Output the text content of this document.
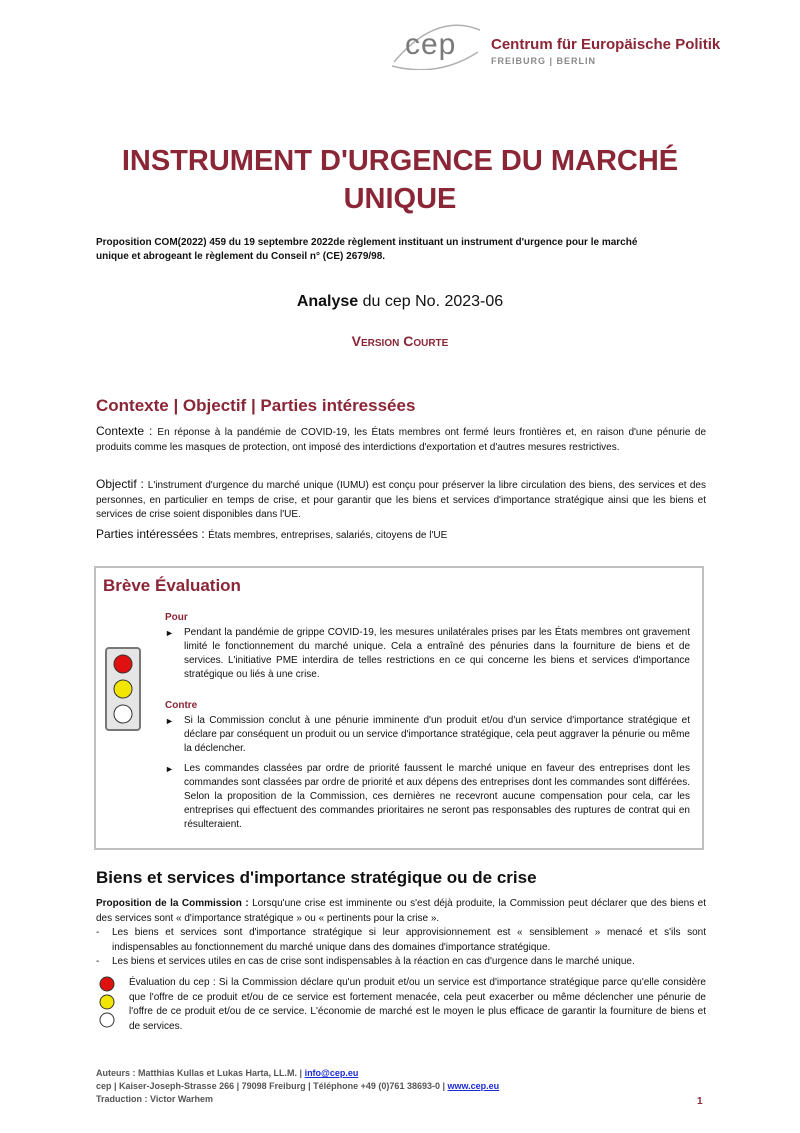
cep Centrum für Europäische Politik
FREIBURG | BERLIN
INSTRUMENT D'URGENCE DU MARCHÉ
UNIQUE
Proposition COM(2022) 459 du 19 septembre 2022de règlement instituant un instrument d'urgence pour le marché
unique et abrogeant le règlement du Conseil n° (CE) 2679/98.
Analyse du cep No. 2023-06
Version Courte
Contexte | Objectif | Parties intéressées
Contexte : En réponse à la pandémie de COVID-19, les États membres ont fermé leurs frontières et, en raison d'une pénurie de produits comme les masques de protection, ont imposé des interdictions d'exportation et d'autres mesures restrictives.
Objectif : L'instrument d'urgence du marché unique (IUMU) est conçu pour préserver la libre circulation des biens, des services et des personnes, en particulier en temps de crise, et pour garantir que les biens et services d'importance stratégique ainsi que les biens et services de crise soient disponibles dans l'UE.
Parties intéressées : États membres, entreprises, salariés, citoyens de l'UE
Brève Évaluation
Pour

► Pendant la pandémie de grippe COVID-19, les mesures unilatérales prises par les États membres ont gravement limité le fonctionnement du marché unique. Cela a entraîné des pénuries dans la fourniture de biens et de services. L'initiative PME interdira de telles restrictions en ce qui concerne les biens et services d'importance stratégique ou liés à une crise.

Contre

► Si la Commission conclut à une pénurie imminente d'un produit et/ou d'un service d'importance stratégique et déclare par conséquent un produit ou un service d'importance stratégique, cela peut aggraver la pénurie ou même la déclencher.

► Les commandes classées par ordre de priorité faussent le marché unique en faveur des entreprises dont les commandes sont classées par ordre de priorité et aux dépens des entreprises dont les commandes sont différées. Selon la proposition de la Commission, ces dernières ne recevront aucune compensation pour cela, car les entreprises qui effectuent des commandes prioritaires ne seront pas responsables des ruptures de contrat qui en résulteraient.

Biens et services d'importance stratégique ou de crise
Proposition de la Commission : Lorsqu'une crise est imminente ou s'est déjà produite, la Commission peut déclarer que des biens et des services sont « d'importance stratégique » ou « pertinents pour la crise ».

- Les biens et services sont d'importance stratégique si leur approvisionnement est « sensiblement » menacé et s'ils sont indispensables au fonctionnement du marché unique dans des domaines d'importance stratégique.

- Les biens et services utiles en cas de crise sont indispensables à la réaction en cas d'urgence dans le marché unique.

Évaluation du cep : Si la Commission déclare qu'un produit et/ou un service est d'importance stratégique parce qu'elle considère que l'offre de ce produit et/ou de ce service est fortement menacée, cela peut exacerber ou même déclencher une pénurie de l'offre de ce produit et/ou de ce service. L'économie de marché est le moyen le plus efficace de garantir la fourniture de biens et de services.
Auteurs : Matthias Kullas et Lukas Harta, LL.M. | info@cep.eu
cep | Kaiser-Joseph-Strasse 266 | 79098 Freiburg | Téléphone +49 (0)761 38693-0 | www.cep.eu
Traduction : Victor Warhem	1
